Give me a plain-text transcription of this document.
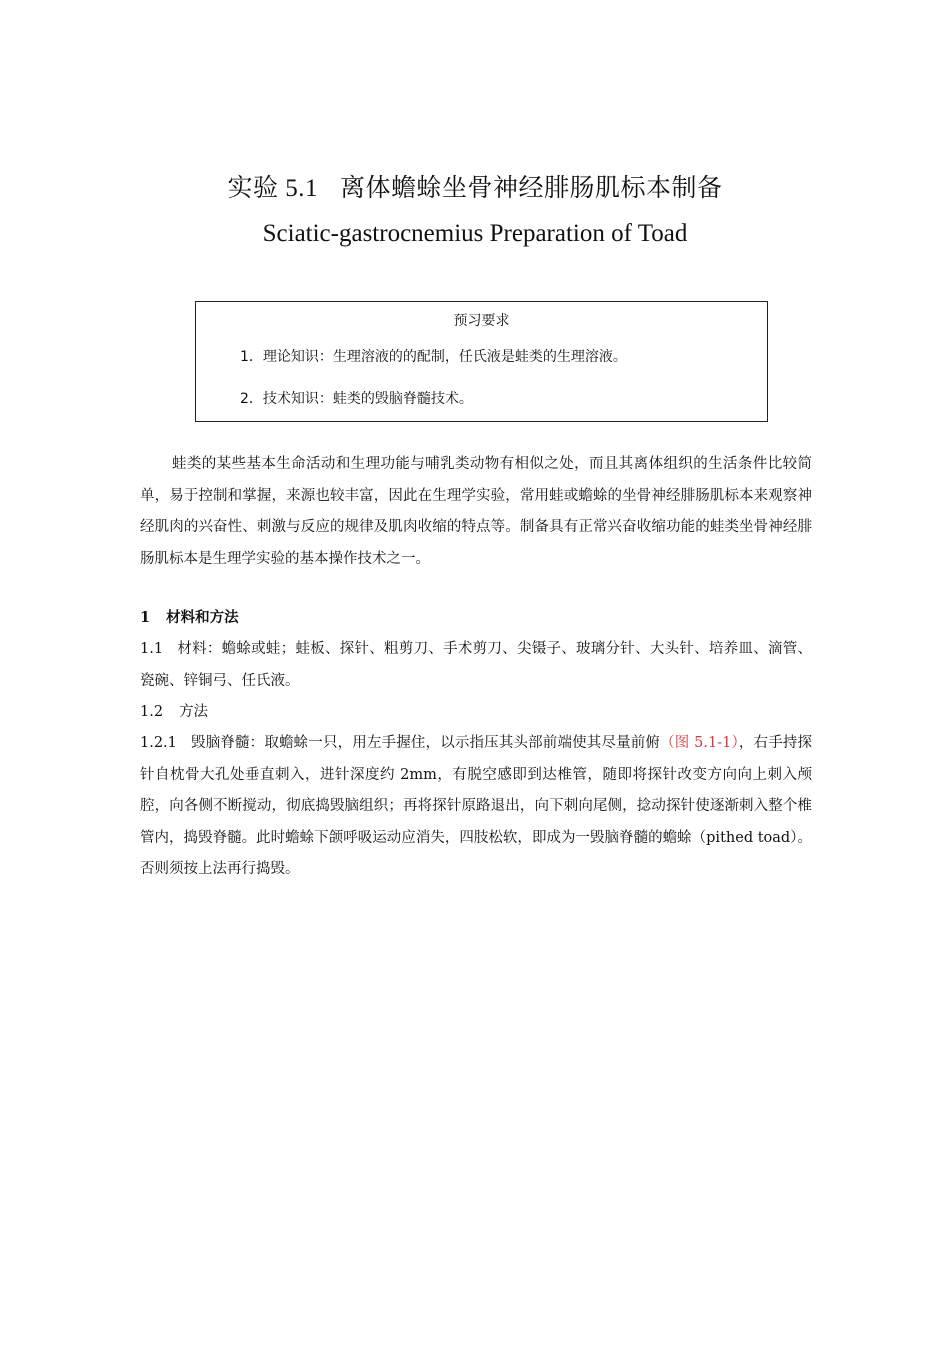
实验 5.1 离体蟾蜍坐骨神经腓肠肌标本制备
Sciatic-gastrocnemius Preparation of Toad
预习要求
1．理论知识：生理溶液的的配制，任氏液是蛙类的生理溶液。
2．技术知识：蛙类的毁脑脊髓技术。
蛙类的某些基本生命活动和生理功能与哺乳类动物有相似之处，而且其离体组织的生活条件比较简单，易于控制和掌握，来源也较丰富，因此在生理学实验，常用蛙或蟾蜍的坐骨神经腓肠肌标本来观察神经肌肉的兴奋性、刺激与反应的规律及肌肉收缩的特点等。制备具有正常兴奋收缩功能的蛙类坐骨神经腓肠肌标本是生理学实验的基本操作技术之一。
1 材料和方法
1.1 材料：蟾蜍或蛙；蛙板、探针、粗剪刀、手术剪刀、尖镊子、玻璃分针、大头针、培养皿、滴管、瓷碗、锌铜弓、任氏液。
1.2 方法
1.2.1 毁脑脊髓：取蟾蜍一只，用左手握住，以示指压其头部前端使其尽量前俯（图 5.1-1），右手持探针自枕骨大孔处垂直刺入，进针深度约 2mm，有脱空感即到达椎管，随即将探针改变方向向上刺入颅腔，向各侧不断搅动，彻底捣毁脑组织；再将探针原路退出，向下刺向尾侧，捻动探针使逐渐刺入整个椎管内，捣毁脊髓。此时蟾蜍下颌呼吸运动应消失，四肢松软，即成为一毁脑脊髓的蟾蜍（pithed toad）。否则须按上法再行捣毁。
